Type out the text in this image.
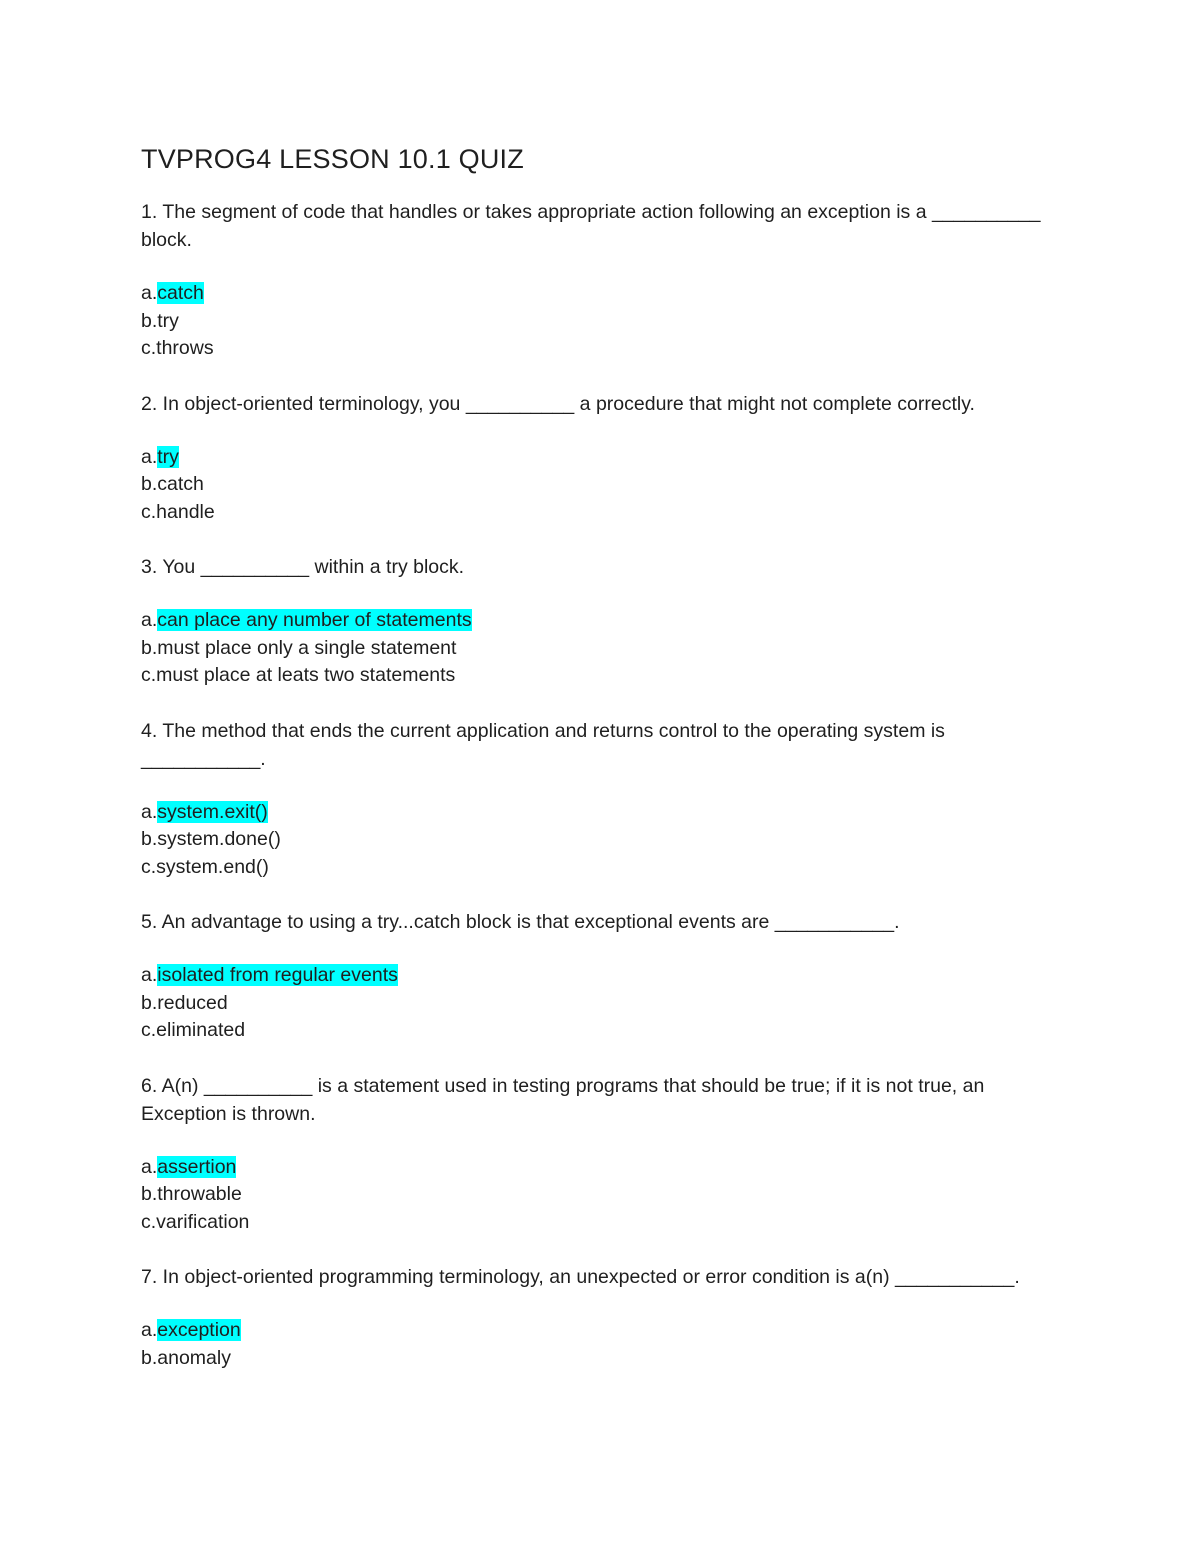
TVPROG4 LESSON 10.1 QUIZ

1. The segment of code that handles or takes appropriate action following an exception is a __________ block.

a.catch

b.try

c.throws

2. In object-oriented terminology, you __________ a procedure that might not complete correctly.

a.try

b.catch

c.handle

3. You __________ within a try block.

a.can place any number of statements

b.must place only a single statement

c.must place at leats two statements

4. The method that ends the current application and returns control to the operating system is ___________.

a.system.exit()

b.system.done()

c.system.end()

5. An advantage to using a try...catch block is that exceptional events are ___________.

a.isolated from regular events

b.reduced

c.eliminated

6. A(n) __________ is a statement used in testing programs that should be true; if it is not true, an Exception is thrown.

a.assertion

b.throwable

c.varification

7. In object-oriented programming terminology, an unexpected or error condition is a(n) ___________.

a.exception

b.anomaly
